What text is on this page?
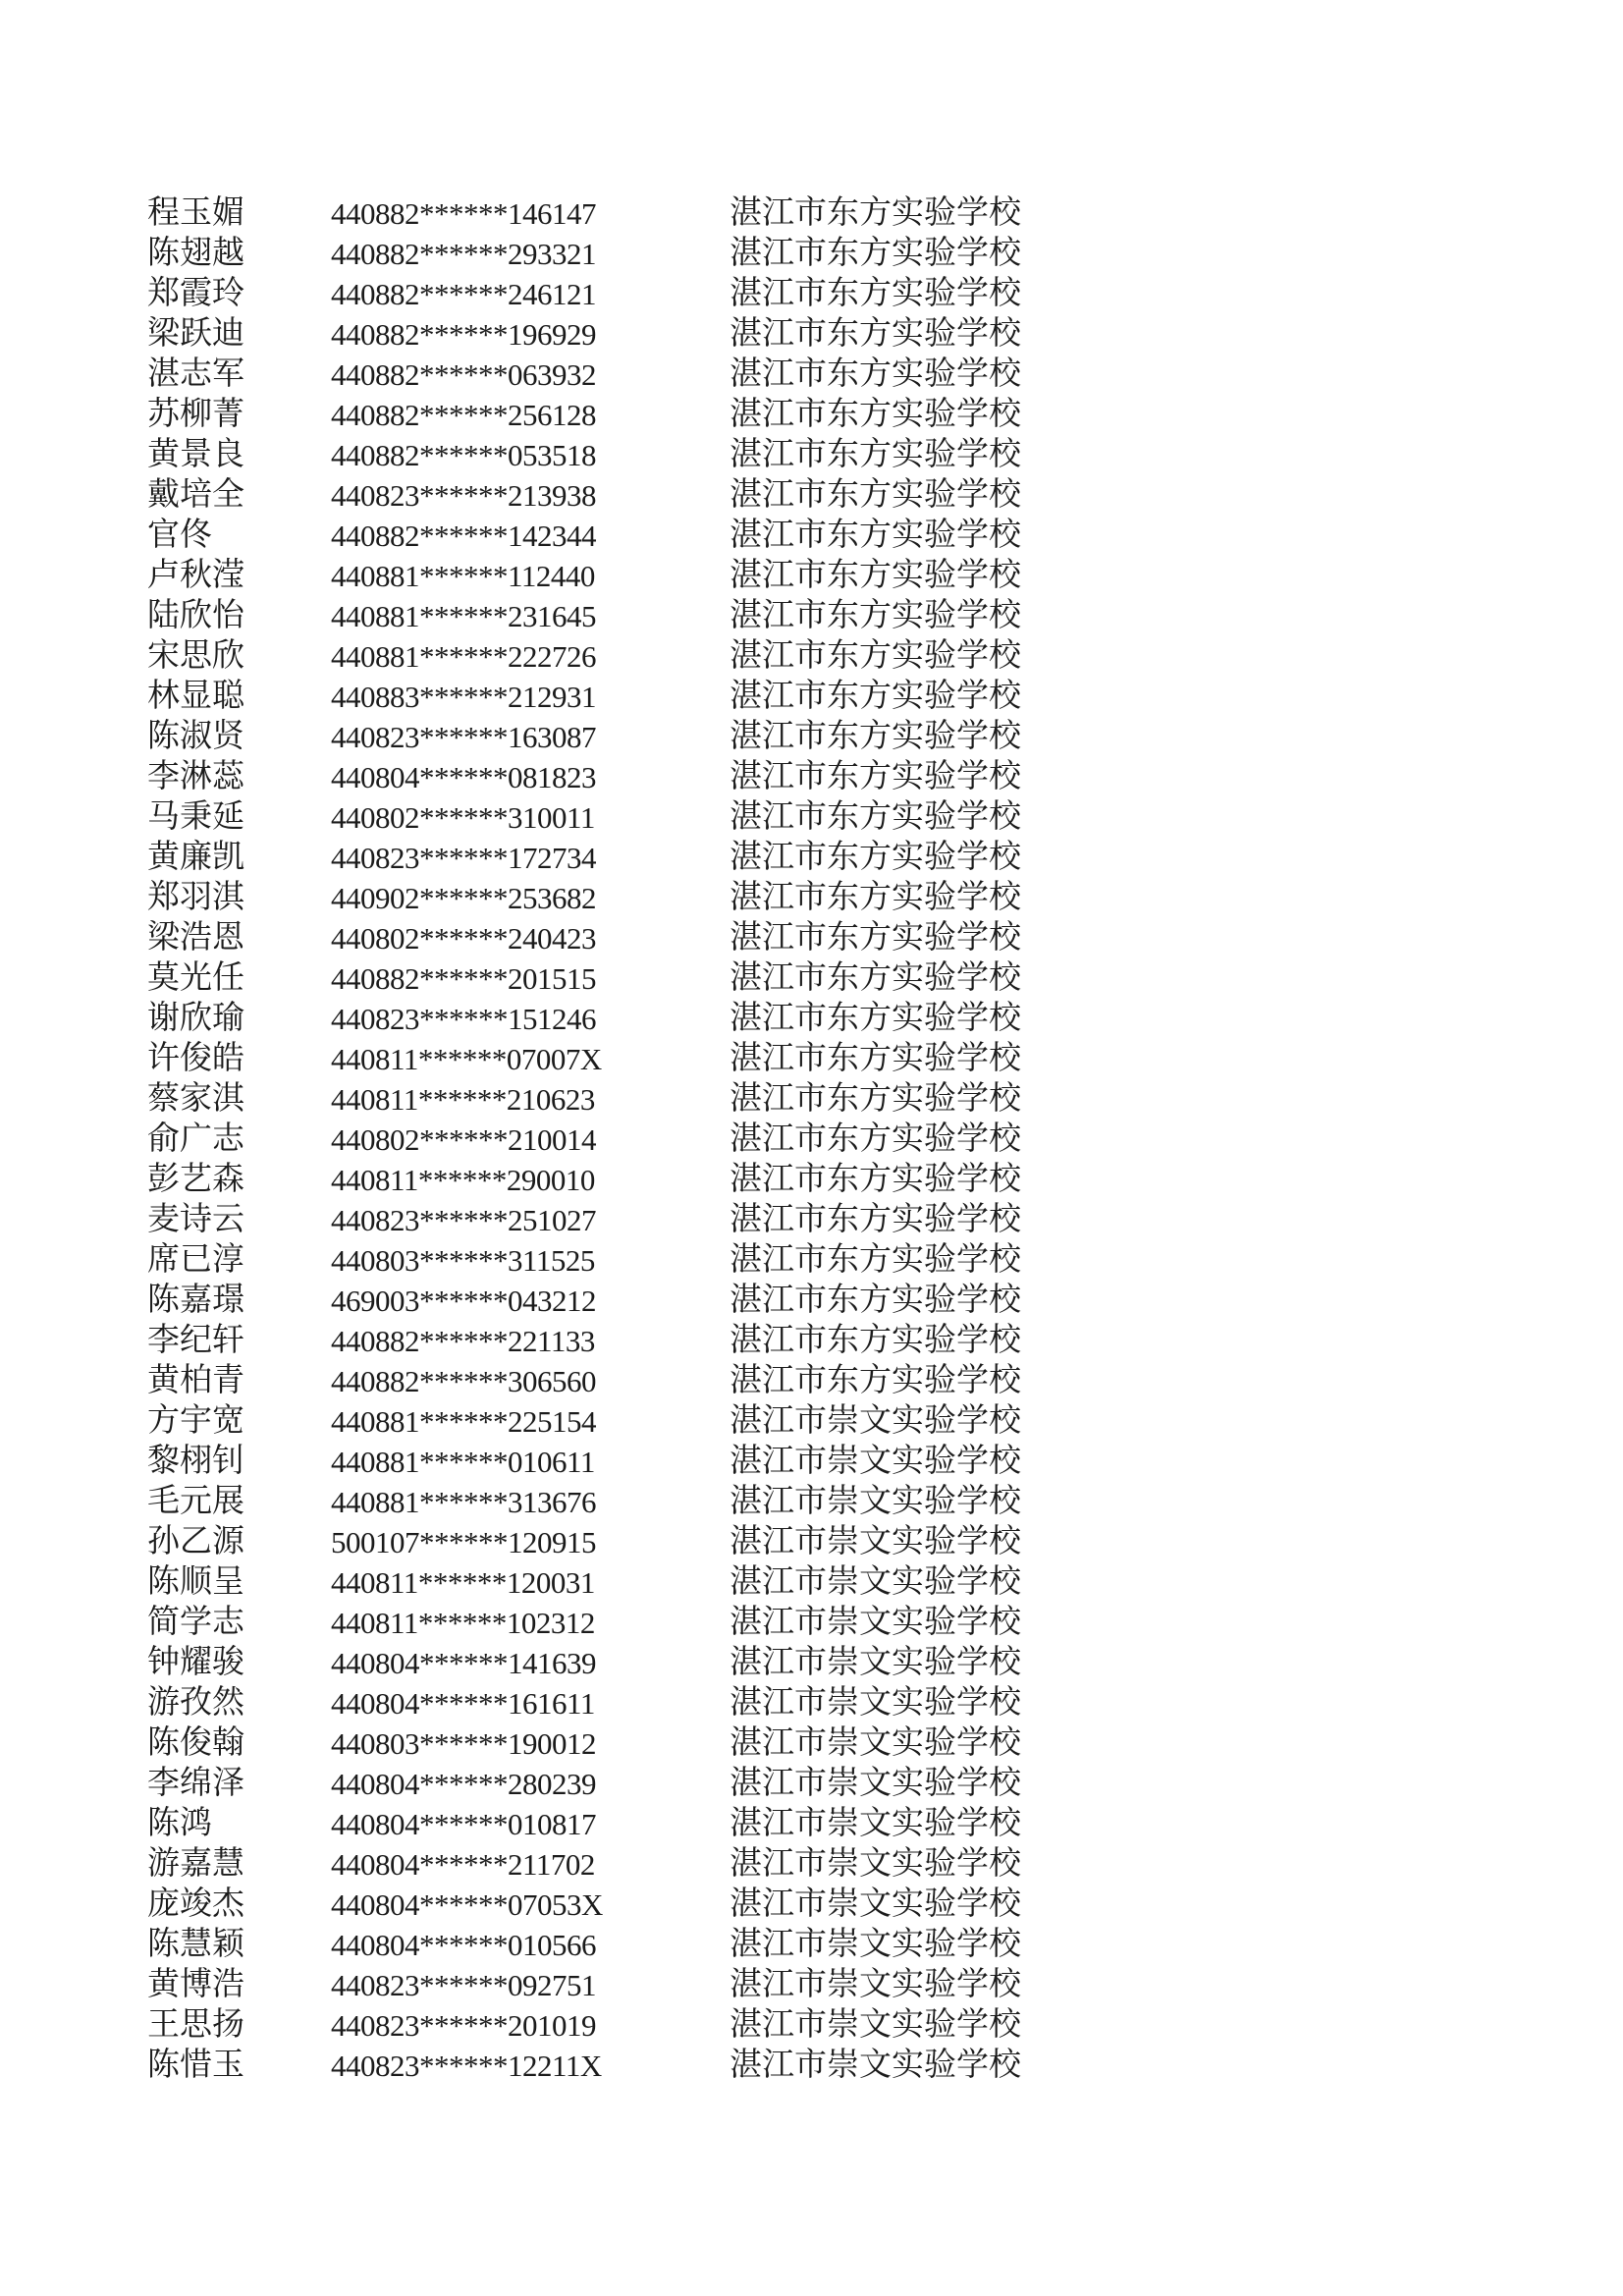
程玉媚	440882******146147	湛江市东方实验学校
陈翅越	440882******293321	湛江市东方实验学校
郑霞玲	440882******246121	湛江市东方实验学校
梁跃迪	440882******196929	湛江市东方实验学校
湛志军	440882******063932	湛江市东方实验学校
苏柳菁	440882******256128	湛江市东方实验学校
黄景良	440882******053518	湛江市东方实验学校
戴培全	440823******213938	湛江市东方实验学校
官佟	440882******142344	湛江市东方实验学校
卢秋滢	440881******112440	湛江市东方实验学校
陆欣怡	440881******231645	湛江市东方实验学校
宋思欣	440881******222726	湛江市东方实验学校
林显聪	440883******212931	湛江市东方实验学校
陈淑贤	440823******163087	湛江市东方实验学校
李淋蕊	440804******081823	湛江市东方实验学校
马秉延	440802******310011	湛江市东方实验学校
黄廉凯	440823******172734	湛江市东方实验学校
郑羽淇	440902******253682	湛江市东方实验学校
梁浩恩	440802******240423	湛江市东方实验学校
莫光任	440882******201515	湛江市东方实验学校
谢欣瑜	440823******151246	湛江市东方实验学校
许俊皓	440811******07007X	湛江市东方实验学校
蔡家淇	440811******210623	湛江市东方实验学校
俞广志	440802******210014	湛江市东方实验学校
彭艺森	440811******290010	湛江市东方实验学校
麦诗云	440823******251027	湛江市东方实验学校
席已淳	440803******311525	湛江市东方实验学校
陈嘉璟	469003******043212	湛江市东方实验学校
李纪轩	440882******221133	湛江市东方实验学校
黄柏青	440882******306560	湛江市东方实验学校
方宇宽	440881******225154	湛江市崇文实验学校
黎栩钊	440881******010611	湛江市崇文实验学校
毛元展	440881******313676	湛江市崇文实验学校
孙乙源	500107******120915	湛江市崇文实验学校
陈顺呈	440811******120031	湛江市崇文实验学校
简学志	440811******102312	湛江市崇文实验学校
钟耀骏	440804******141639	湛江市崇文实验学校
游孜然	440804******161611	湛江市崇文实验学校
陈俊翰	440803******190012	湛江市崇文实验学校
李绵泽	440804******280239	湛江市崇文实验学校
陈鸿	440804******010817	湛江市崇文实验学校
游嘉慧	440804******211702	湛江市崇文实验学校
庞竣杰	440804******07053X	湛江市崇文实验学校
陈慧颖	440804******010566	湛江市崇文实验学校
黄博浩	440823******092751	湛江市崇文实验学校
王思扬	440823******201019	湛江市崇文实验学校
陈惜玉	440823******12211X	湛江市崇文实验学校
